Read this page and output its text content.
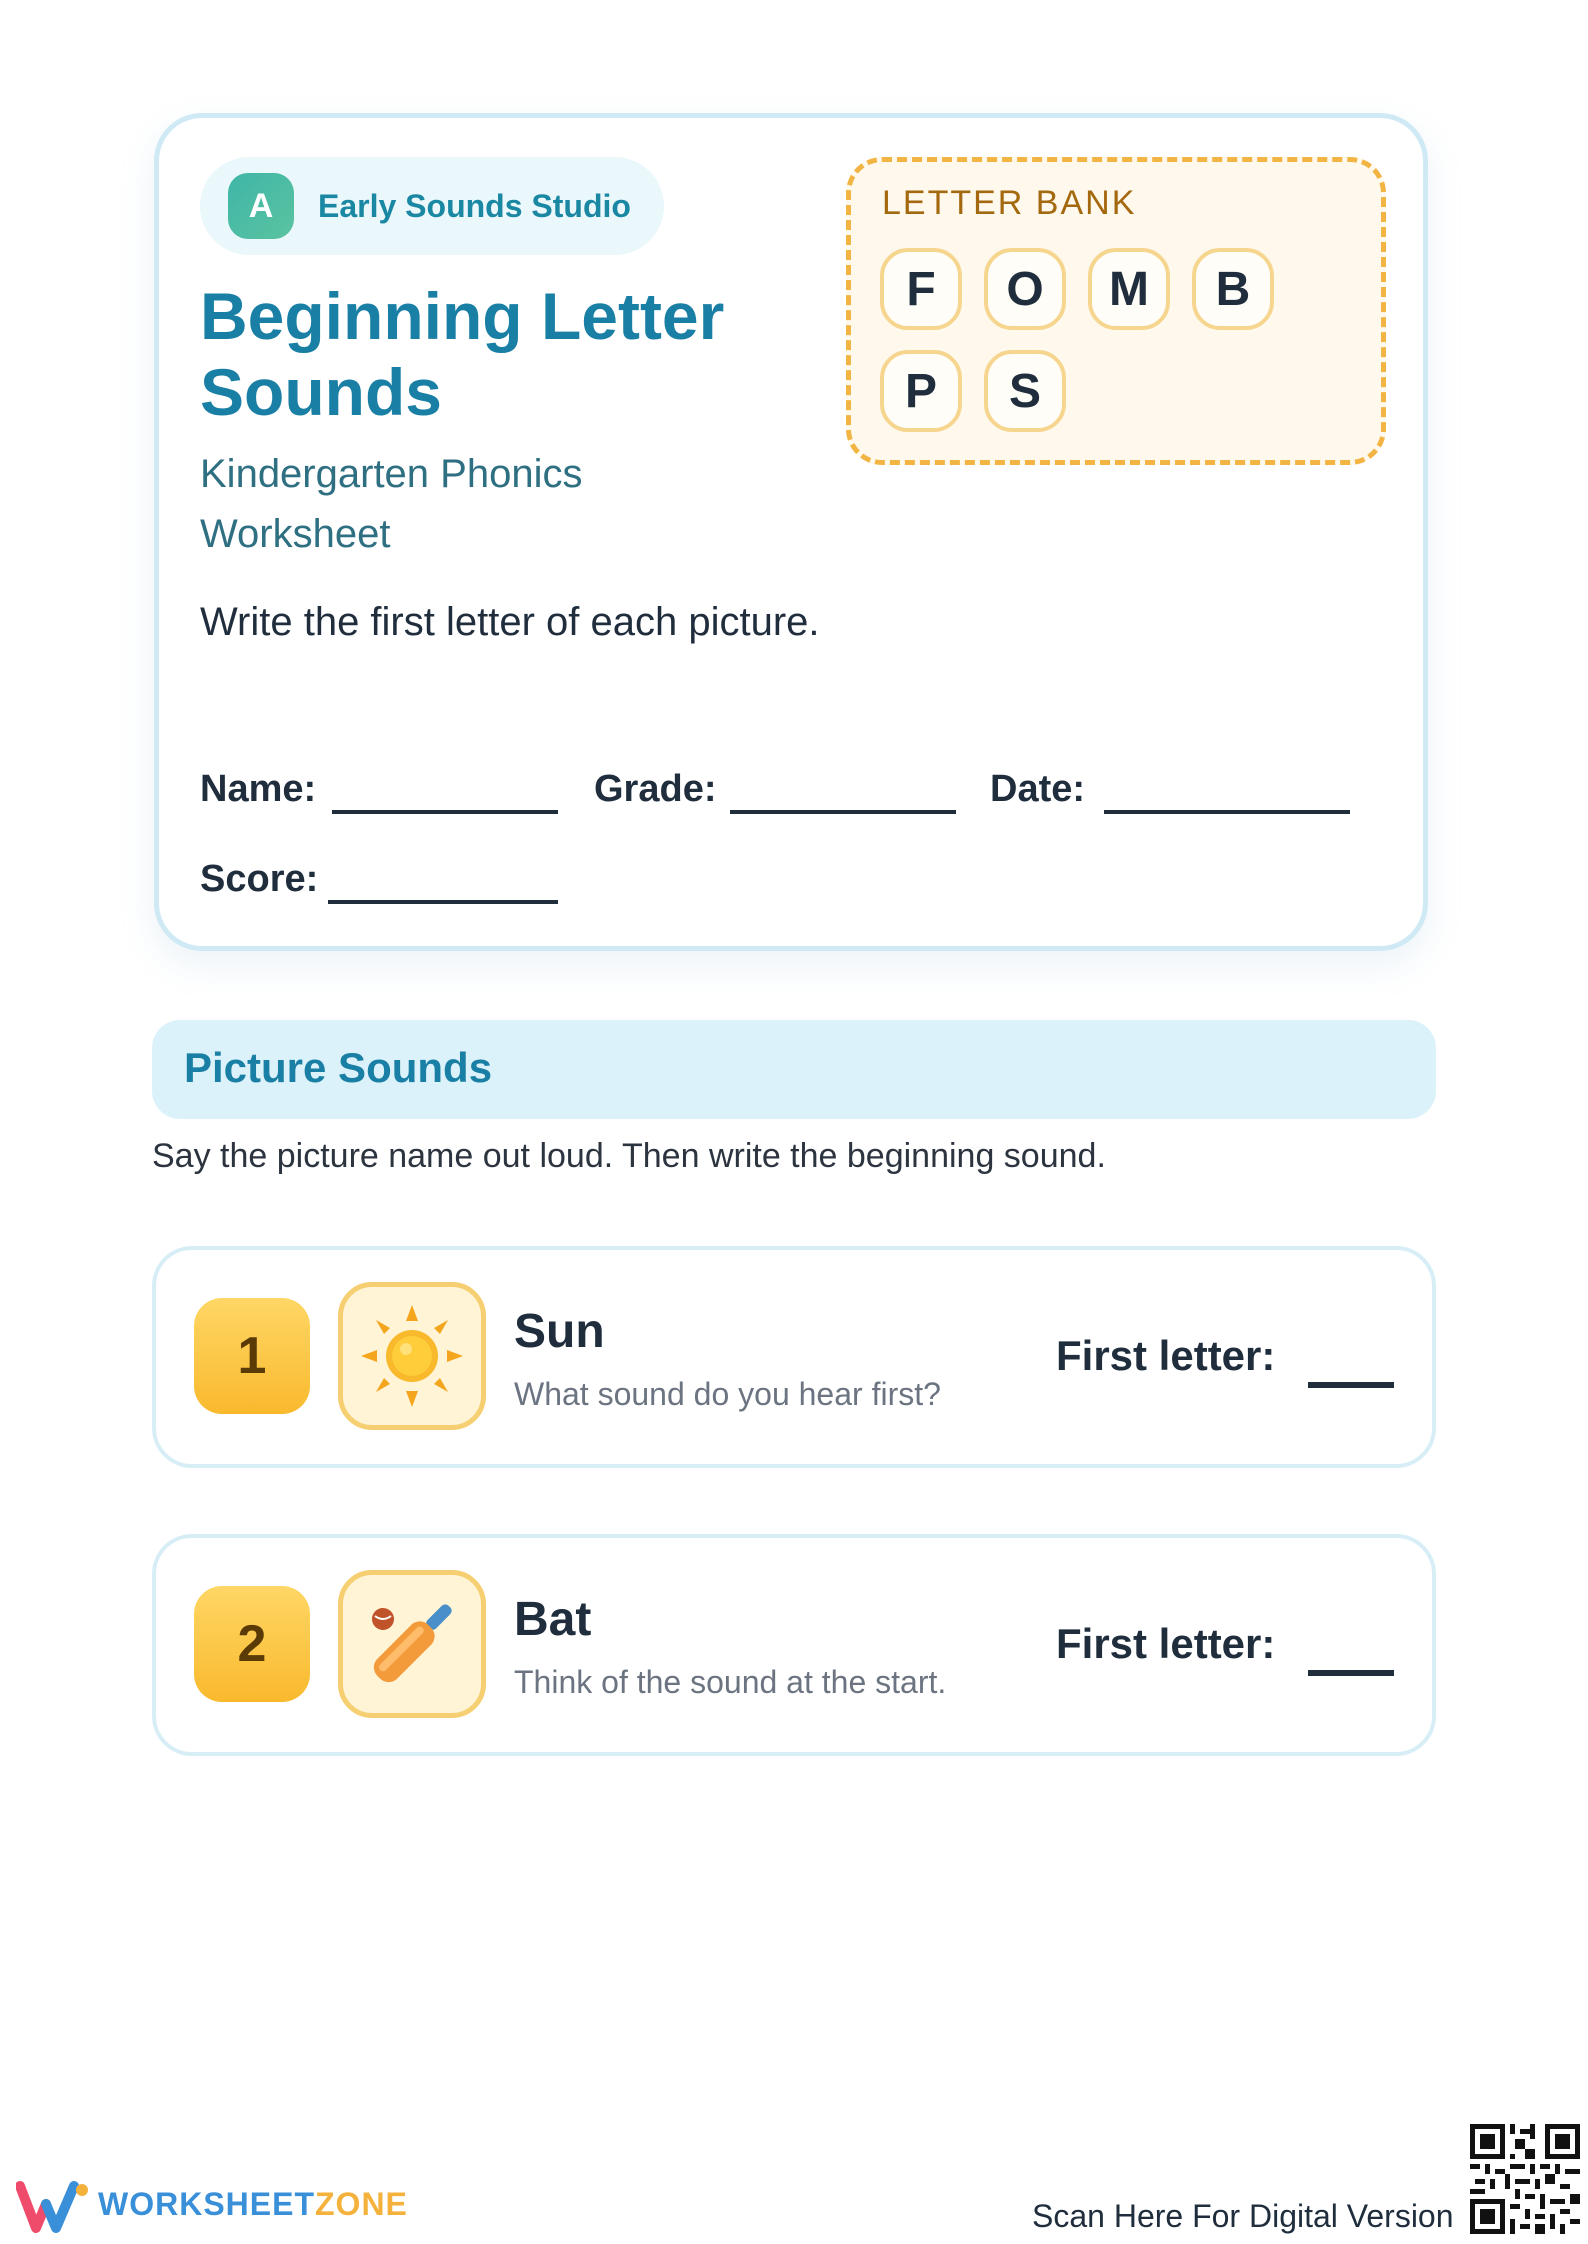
A	Early Sounds Studio
Beginning Letter Sounds
Kindergarten Phonics Worksheet
Write the first letter of each picture.
Name:	Grade:	Date:
Score:
LETTER BANK
F	O	M	B
P	S
Picture Sounds
Say the picture name out loud. Then write the beginning sound.
1	Sun
What sound do you hear first?
First letter:
2	Bat
Think of the sound at the start.
First letter:
WORKSHEETZONE	Scan Here For Digital Version
